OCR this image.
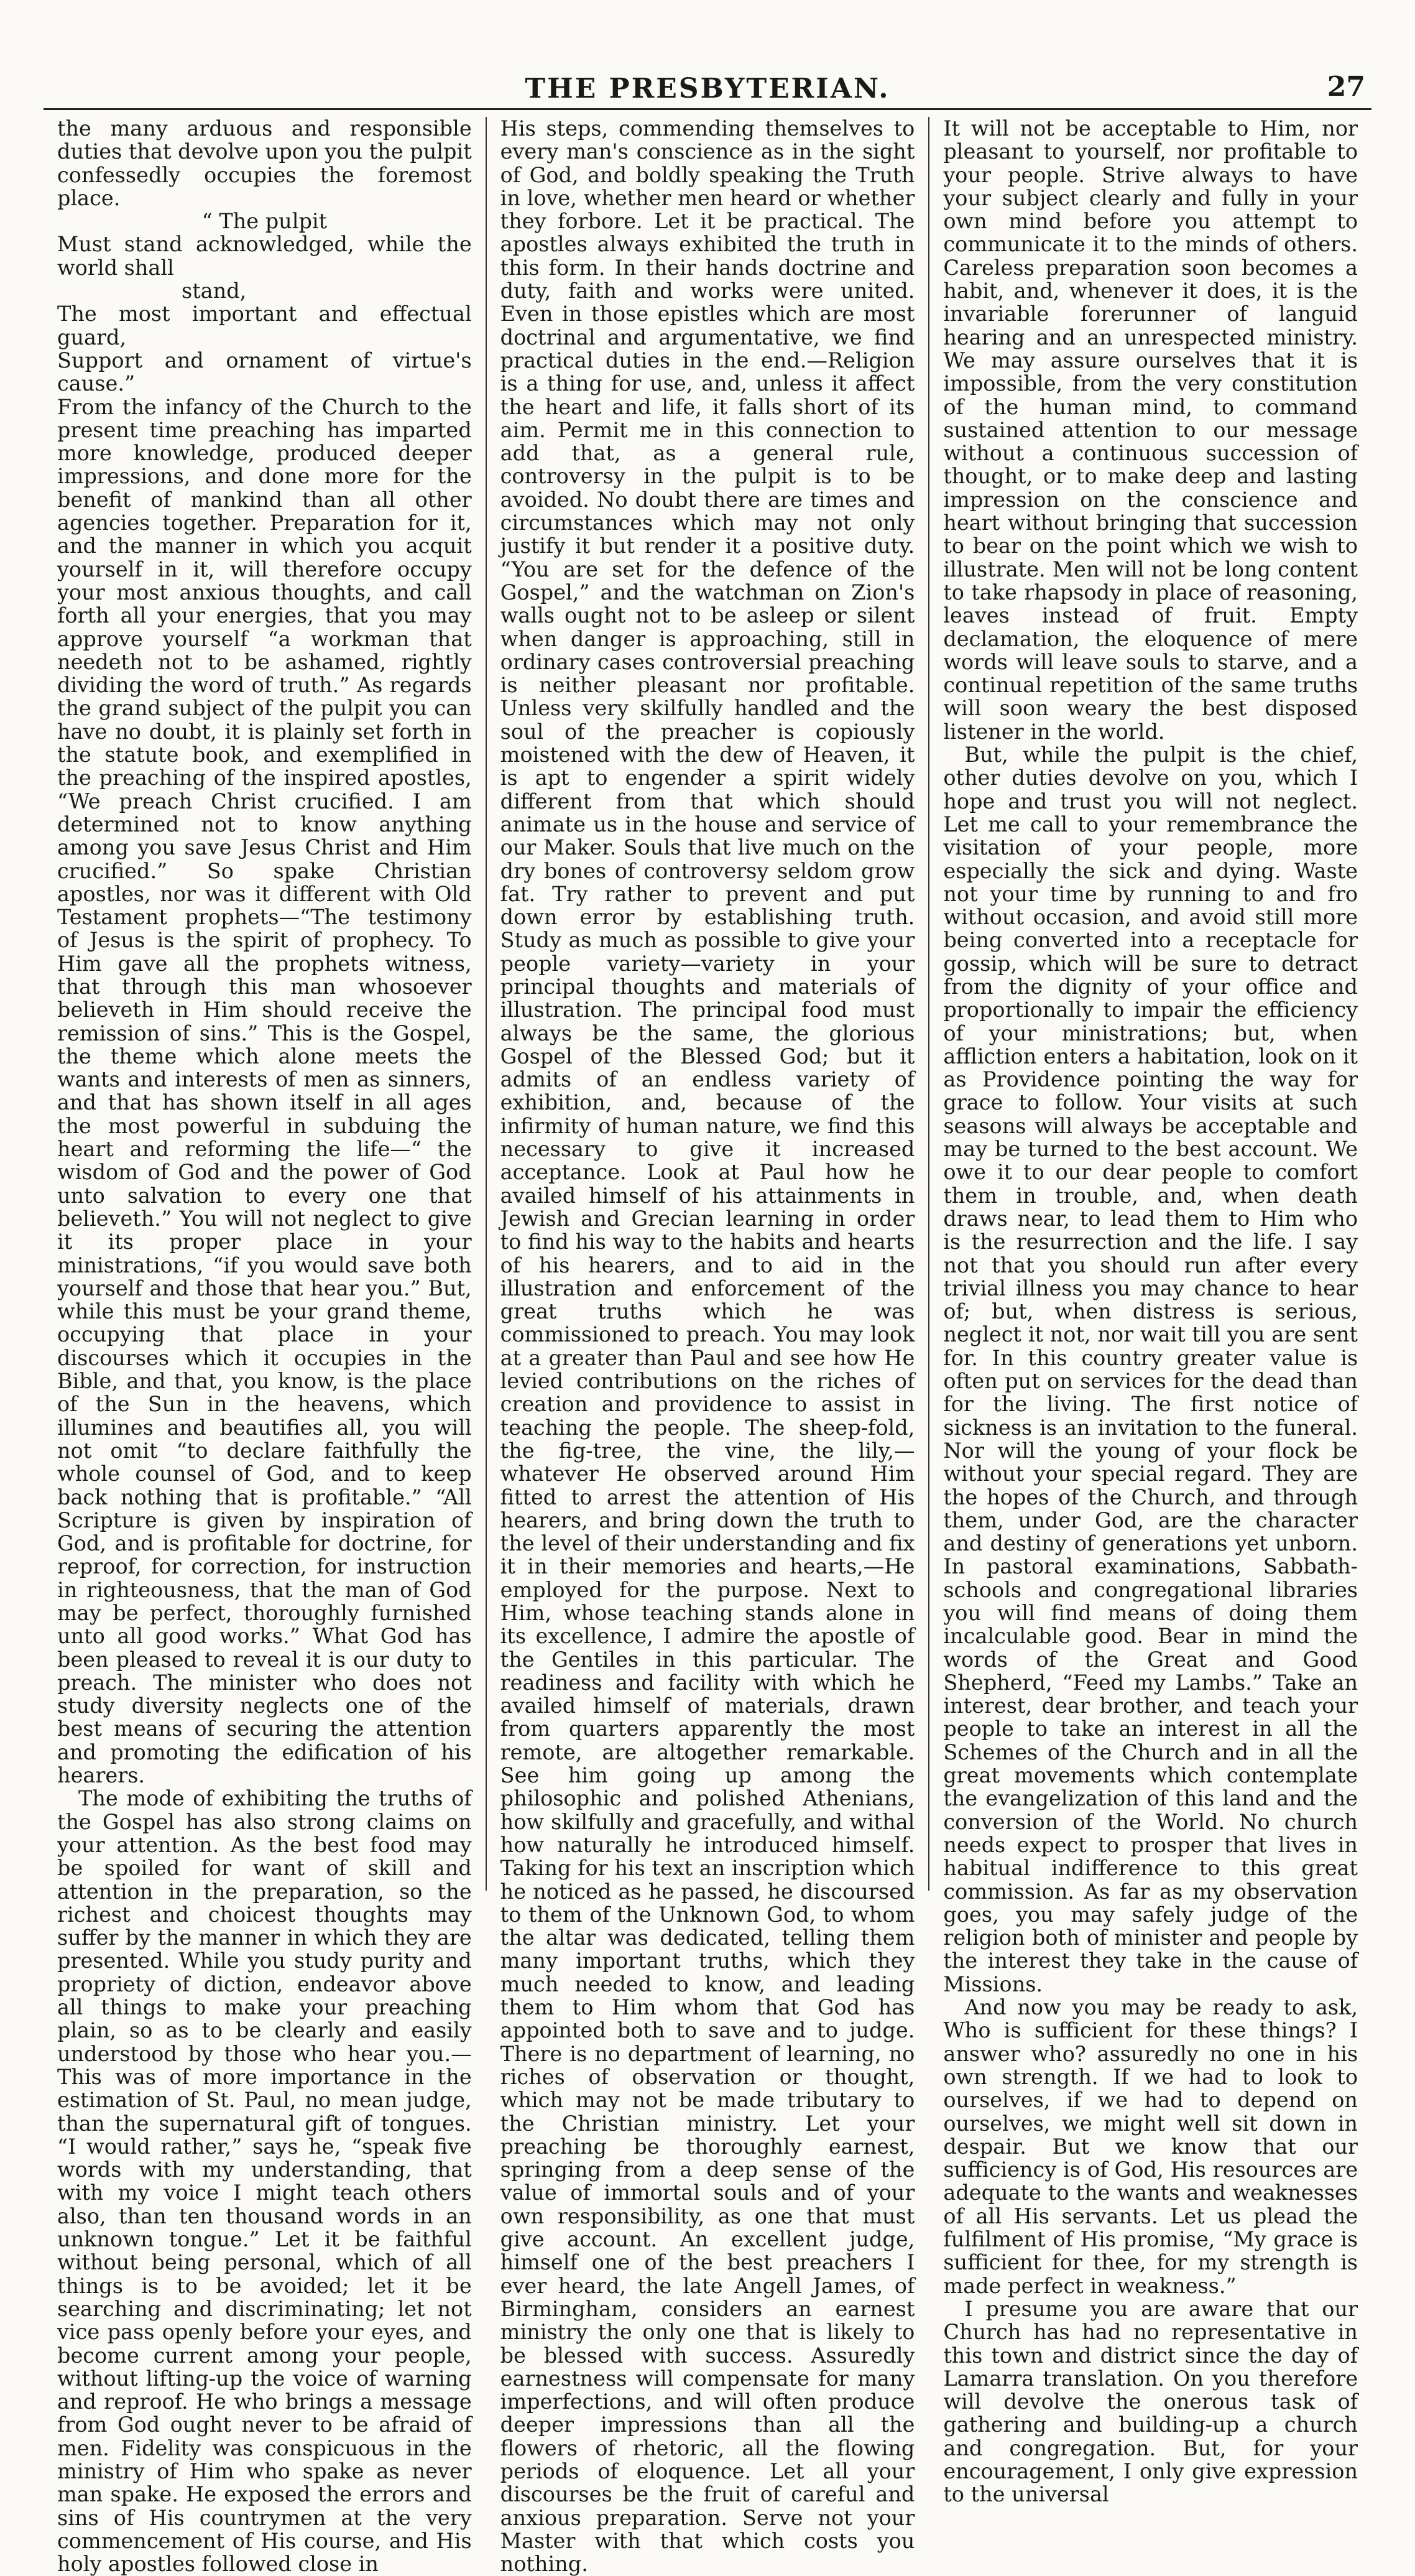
THE PRESBYTERIAN.	27

the many arduous and responsible duties that devolve upon you the pulpit confessedly occupies the foremost place.

“ The pulpit
Must stand acknowledged, while the world shall
stand,
The most important and effectual guard,
Support and ornament of virtue's cause.”

From the infancy of the Church to the present time preaching has imparted more knowledge, produced deeper impressions, and done more for the benefit of mankind than all other agencies together. Preparation for it, and the manner in which you acquit yourself in it, will therefore occupy your most anxious thoughts, and call forth all your energies, that you may approve yourself “a workman that needeth not to be ashamed, rightly dividing the word of truth.” As regards the grand subject of the pulpit you can have no doubt, it is plainly set forth in the statute book, and exemplified in the preaching of the inspired apostles, “We preach Christ crucified. I am determined not to know anything among you save Jesus Christ and Him crucified.” So spake Christian apostles, nor was it different with Old Testament prophets—“The testimony of Jesus is the spirit of prophecy. To Him gave all the prophets witness, that through this man whosoever believeth in Him should receive the remission of sins.” This is the Gospel, the theme which alone meets the wants and interests of men as sinners, and that has shown itself in all ages the most powerful in subduing the heart and reforming the life—“ the wisdom of God and the power of God unto salvation to every one that believeth.” You will not neglect to give it its proper place in your ministrations, “if you would save both yourself and those that hear you.” But, while this must be your grand theme, occupying that place in your discourses which it occupies in the Bible, and that, you know, is the place of the Sun in the heavens, which illumines and beautifies all, you will not omit “to declare faithfully the whole counsel of God, and to keep back nothing that is profitable.” “All Scripture is given by inspiration of God, and is profitable for doctrine, for reproof, for correction, for instruction in righteousness, that the man of God may be perfect, thoroughly furnished unto all good works.” What God has been pleased to reveal it is our duty to preach. The minister who does not study diversity neglects one of the best means of securing the attention and promoting the edification of his hearers.

The mode of exhibiting the truths of the Gospel has also strong claims on your attention. As the best food may be spoiled for want of skill and attention in the preparation, so the richest and choicest thoughts may suffer by the manner in which they are presented. While you study purity and propriety of diction, endeavor above all things to make your preaching plain, so as to be clearly and easily understood by those who hear you.—This was of more importance in the estimation of St. Paul, no mean judge, than the supernatural gift of tongues. “I would rather,” says he, “speak five words with my understanding, that with my voice I might teach others also, than ten thousand words in an unknown tongue.” Let it be faithful without being personal, which of all things is to be avoided; let it be searching and discriminating; let not vice pass openly before your eyes, and become current among your people, without lifting-up the voice of warning and reproof. He who brings a message from God ought never to be afraid of men. Fidelity was conspicuous in the ministry of Him who spake as never man spake. He exposed the errors and sins of His countrymen at the very commencement of His course, and His holy apostles followed close in

His steps, commending themselves to every man's conscience as in the sight of God, and boldly speaking the Truth in love, whether men heard or whether they forbore. Let it be practical. The apostles always exhibited the truth in this form. In their hands doctrine and duty, faith and works were united. Even in those epistles which are most doctrinal and argumentative, we find practical duties in the end.—Religion is a thing for use, and, unless it affect the heart and life, it falls short of its aim. Permit me in this connection to add that, as a general rule, controversy in the pulpit is to be avoided. No doubt there are times and circumstances which may not only justify it but render it a positive duty. “You are set for the defence of the Gospel,” and the watchman on Zion's walls ought not to be asleep or silent when danger is approaching, still in ordinary cases controversial preaching is neither pleasant nor profitable. Unless very skilfully handled and the soul of the preacher is copiously moistened with the dew of Heaven, it is apt to engender a spirit widely different from that which should animate us in the house and service of our Maker. Souls that live much on the dry bones of controversy seldom grow fat. Try rather to prevent and put down error by establishing truth. Study as much as possible to give your people variety—variety in your principal thoughts and materials of illustration. The principal food must always be the same, the glorious Gospel of the Blessed God; but it admits of an endless variety of exhibition, and, because of the infirmity of human nature, we find this necessary to give it increased acceptance. Look at Paul how he availed himself of his attainments in Jewish and Grecian learning in order to find his way to the habits and hearts of his hearers, and to aid in the illustration and enforcement of the great truths which he was commissioned to preach. You may look at a greater than Paul and see how He levied contributions on the riches of creation and providence to assist in teaching the people. The sheep-fold, the fig-tree, the vine, the lily,—whatever He observed around Him fitted to arrest the attention of His hearers, and bring down the truth to the level of their understanding and fix it in their memories and hearts,—He employed for the purpose. Next to Him, whose teaching stands alone in its excellence, I admire the apostle of the Gentiles in this particular. The readiness and facility with which he availed himself of materials, drawn from quarters apparently the most remote, are altogether remarkable. See him going up among the philosophic and polished Athenians, how skilfully and gracefully, and withal how naturally he introduced himself. Taking for his text an inscription which he noticed as he passed, he discoursed to them of the Unknown God, to whom the altar was dedicated, telling them many important truths, which they much needed to know, and leading them to Him whom that God has appointed both to save and to judge. There is no department of learning, no riches of observation or thought, which may not be made tributary to the Christian ministry. Let your preaching be thoroughly earnest, springing from a deep sense of the value of immortal souls and of your own responsibility, as one that must give account. An excellent judge, himself one of the best preachers I ever heard, the late Angell James, of Birmingham, considers an earnest ministry the only one that is likely to be blessed with success. Assuredly earnestness will compensate for many imperfections, and will often produce deeper impressions than all the flowers of rhetoric, all the flowing periods of eloquence. Let all your discourses be the fruit of careful and anxious preparation. Serve not your Master with that which costs you nothing.

It will not be acceptable to Him, nor pleasant to yourself, nor profitable to your people. Strive always to have your subject clearly and fully in your own mind before you attempt to communicate it to the minds of others. Careless preparation soon becomes a habit, and, whenever it does, it is the invariable forerunner of languid hearing and an unrespected ministry. We may assure ourselves that it is impossible, from the very constitution of the human mind, to command sustained attention to our message without a continuous succession of thought, or to make deep and lasting impression on the conscience and heart without bringing that succession to bear on the point which we wish to illustrate. Men will not be long content to take rhapsody in place of reasoning, leaves instead of fruit. Empty declamation, the eloquence of mere words will leave souls to starve, and a continual repetition of the same truths will soon weary the best disposed listener in the world.

But, while the pulpit is the chief, other duties devolve on you, which I hope and trust you will not neglect. Let me call to your remembrance the visitation of your people, more especially the sick and dying. Waste not your time by running to and fro without occasion, and avoid still more being converted into a receptacle for gossip, which will be sure to detract from the dignity of your office and proportionally to impair the efficiency of your ministrations; but, when affliction enters a habitation, look on it as Providence pointing the way for grace to follow. Your visits at such seasons will always be acceptable and may be turned to the best account. We owe it to our dear people to comfort them in trouble, and, when death draws near, to lead them to Him who is the resurrection and the life. I say not that you should run after every trivial illness you may chance to hear of; but, when distress is serious, neglect it not, nor wait till you are sent for. In this country greater value is often put on services for the dead than for the living. The first notice of sickness is an invitation to the funeral. Nor will the young of your flock be without your special regard. They are the hopes of the Church, and through them, under God, are the character and destiny of generations yet unborn. In pastoral examinations, Sabbath-schools and congregational libraries you will find means of doing them incalculable good. Bear in mind the words of the Great and Good Shepherd, “Feed my Lambs.” Take an interest, dear brother, and teach your people to take an interest in all the Schemes of the Church and in all the great movements which contemplate the evangelization of this land and the conversion of the World. No church needs expect to prosper that lives in habitual indifference to this great commission. As far as my observation goes, you may safely judge of the religion both of minister and people by the interest they take in the cause of Missions.

And now you may be ready to ask, Who is sufficient for these things? I answer who? assuredly no one in his own strength. If we had to look to ourselves, if we had to depend on ourselves, we might well sit down in despair. But we know that our sufficiency is of God, His resources are adequate to the wants and weaknesses of all His servants. Let us plead the fulfilment of His promise, “My grace is sufficient for thee, for my strength is made perfect in weakness.”

I presume you are aware that our Church has had no representative in this town and district since the day of Lamarra translation. On you therefore will devolve the onerous task of gathering and building-up a church and congregation. But, for your encouragement, I only give expression to the universal
